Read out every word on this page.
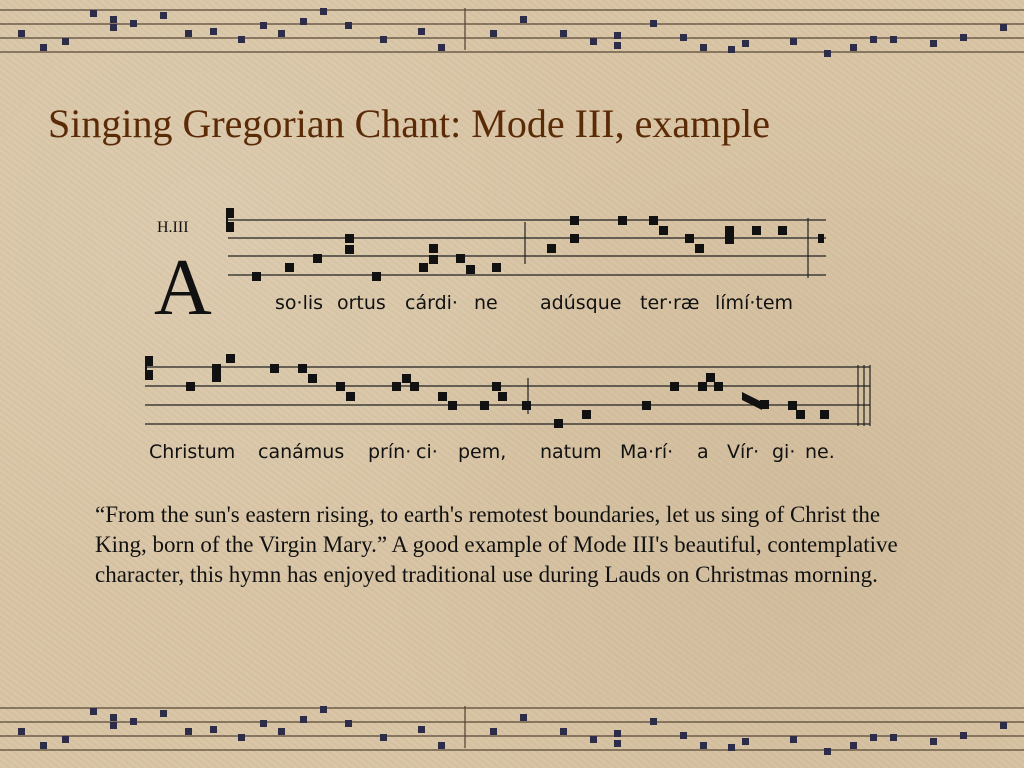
Singing Gregorian Chant: Mode III, example
H.III
A	so·lis ortus cárdi· ne adúsque ter·ræ límí·tem
Christum canámus prín· ci· pem, natum Ma·rí· a Vír· gi· ne.

“From the sun's eastern rising, to earth's remotest boundaries, let us sing of Christ the King, born of the Virgin Mary.” A good example of Mode III's beautiful, contemplative character, this hymn has enjoyed traditional use during Lauds on Christmas morning.
